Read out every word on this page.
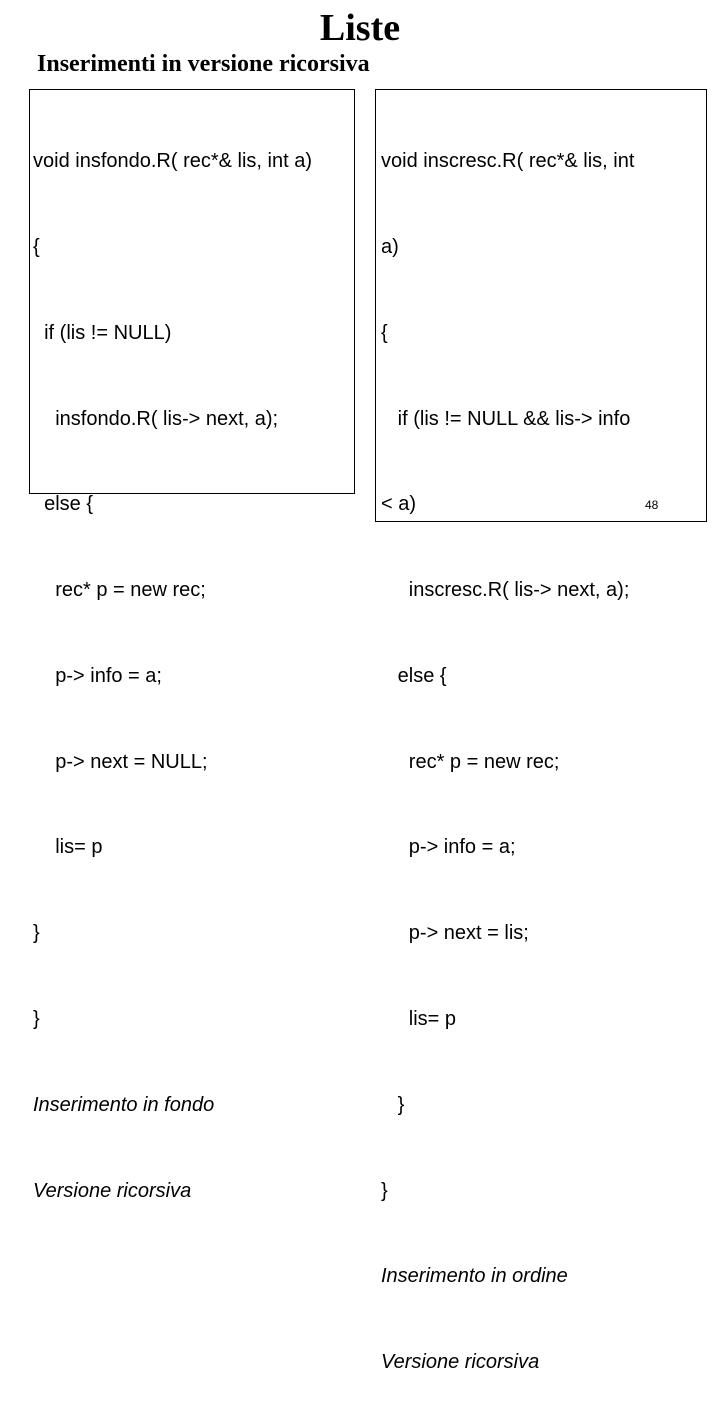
Liste
Inserimenti in versione ricorsiva

void insfondo.R( rec*& lis, int a)

{

if (lis != NULL)

insfondo.R( lis-> next, a);

else {

rec* p = new rec;

p-> info = a;

p-> next = NULL;

lis= p

}

}

Inserimento in fondo

Versione ricorsiva

void inscresc.R( rec*& lis, int

a)

{

if (lis != NULL && lis-> info

< a)

inscresc.R( lis-> next, a);

else {

rec* p = new rec;

p-> info = a;

p-> next = lis;

lis= p

}

}

Inserimento in ordine

Versione ricorsiva

48
